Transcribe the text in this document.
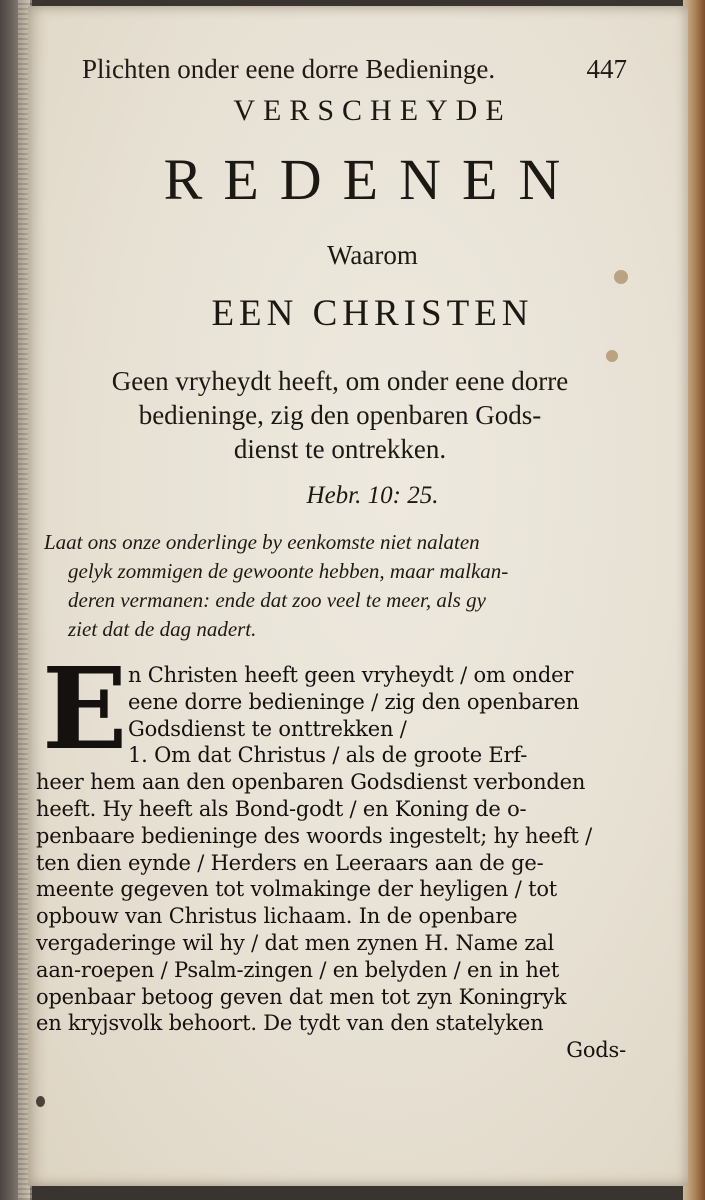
Plichten onder eene dorre Bedieninge.	447
VERSCHEYDE
REDENEN
Waarom
EEN CHRISTEN
Geen vryheydt heeft, om onder eene dorre
bedieninge, zig den openbaren Gods-
dienst te ontrekken.
Hebr. 10: 25.
Laat ons onze onderlinge by eenkomste niet nalaten
gelyk zommigen de gewoonte hebben, maar malkan-
deren vermanen: ende dat zoo veel te meer, als gy
ziet dat de dag nadert.
E n Christen heeft geen vryheydt / om onder
eene dorre bedieninge / zig den openbaren
Godsdienst te onttrekken /
1. Om dat Christus / als de groote Erf-
heer hem aan den openbaren Godsdienst verbonden
heeft. Hy heeft als Bond-godt / en Koning de o-
penbaare bedieninge des woords ingestelt; hy heeft /
ten dien eynde / Herders en Leeraars aan de ge-
meente gegeven tot volmakinge der heyligen / tot
opbouw van Christus lichaam. In de openbare
vergaderinge wil hy / dat men zynen H. Name zal
aan-roepen / Psalm-zingen / en belyden / en in het
openbaar betoog geven dat men tot zyn Koningryk
en kryjsvolk behoort. De tydt van den statelyken
Gods-
